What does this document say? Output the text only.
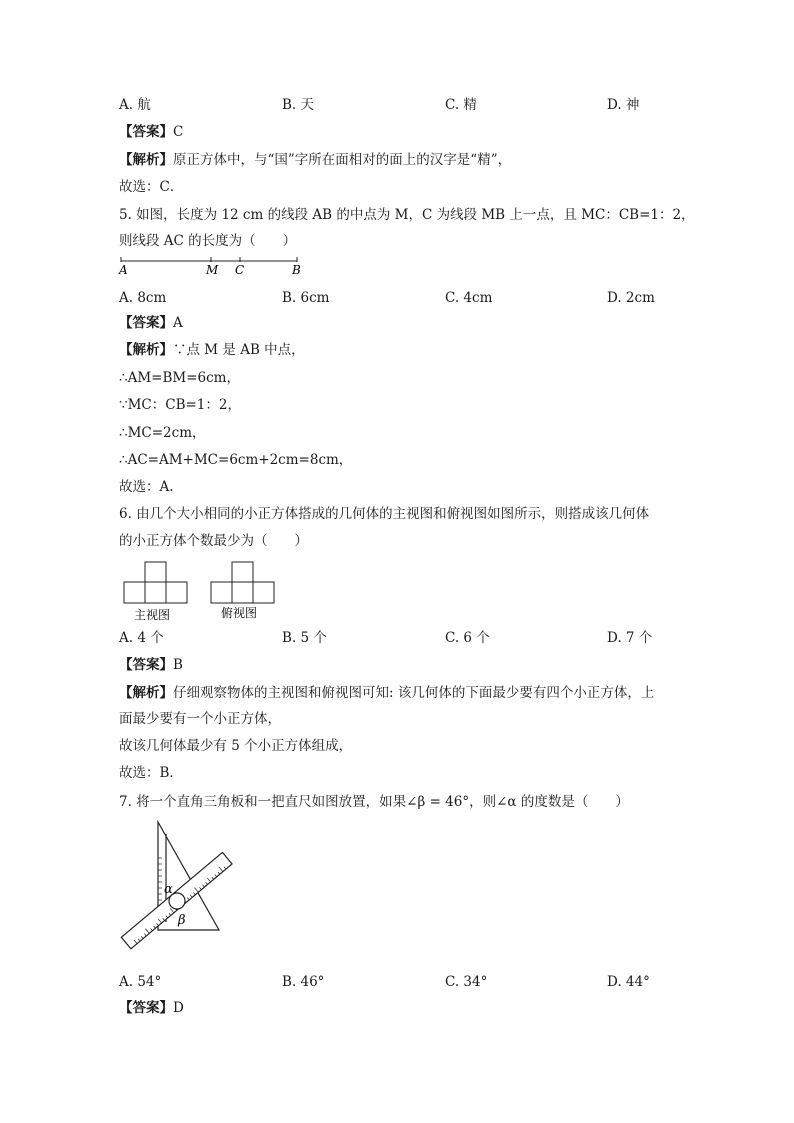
A. 航	B. 天	C. 精	D. 神
【答案】C
【解析】原正方体中，与“国”字所在面相对的面上的汉字是“精”，
故选：C．
5. 如图，长度为 12 cm 的线段 AB 的中点为 M，C 为线段 MB 上一点，且 MC：CB=1：2，
则线段 AC 的长度为（　　）
A	M C	B
A. 8cm	B. 6cm	C. 4cm	D. 2cm
【答案】A
【解析】∵点 M 是 AB 中点，
∴AM=BM=6cm，
∵MC：CB=1：2，
∴MC=2cm，
∴AC=AM+MC=6cm+2cm=8cm，
故选：A.
6. 由几个大小相同的小正方体搭成的几何体的主视图和俯视图如图所示，则搭成该几何体
的小正方体个数最少为（　　）
主视图	俯视图
A. 4 个	B. 5 个	C. 6 个	D. 7 个
【答案】B
【解析】仔细观察物体的主视图和俯视图可知: 该几何体的下面最少要有四个小正方体，上
面最少要有一个小正方体，
故该几何体最少有 5 个小正方体组成，
故选：B．
7. 将一个直角三角板和一把直尺如图放置，如果∠β = 46°，则∠α 的度数是（　　）
α
β
A. 54°	B. 46°	C. 34°	D. 44°
【答案】D
